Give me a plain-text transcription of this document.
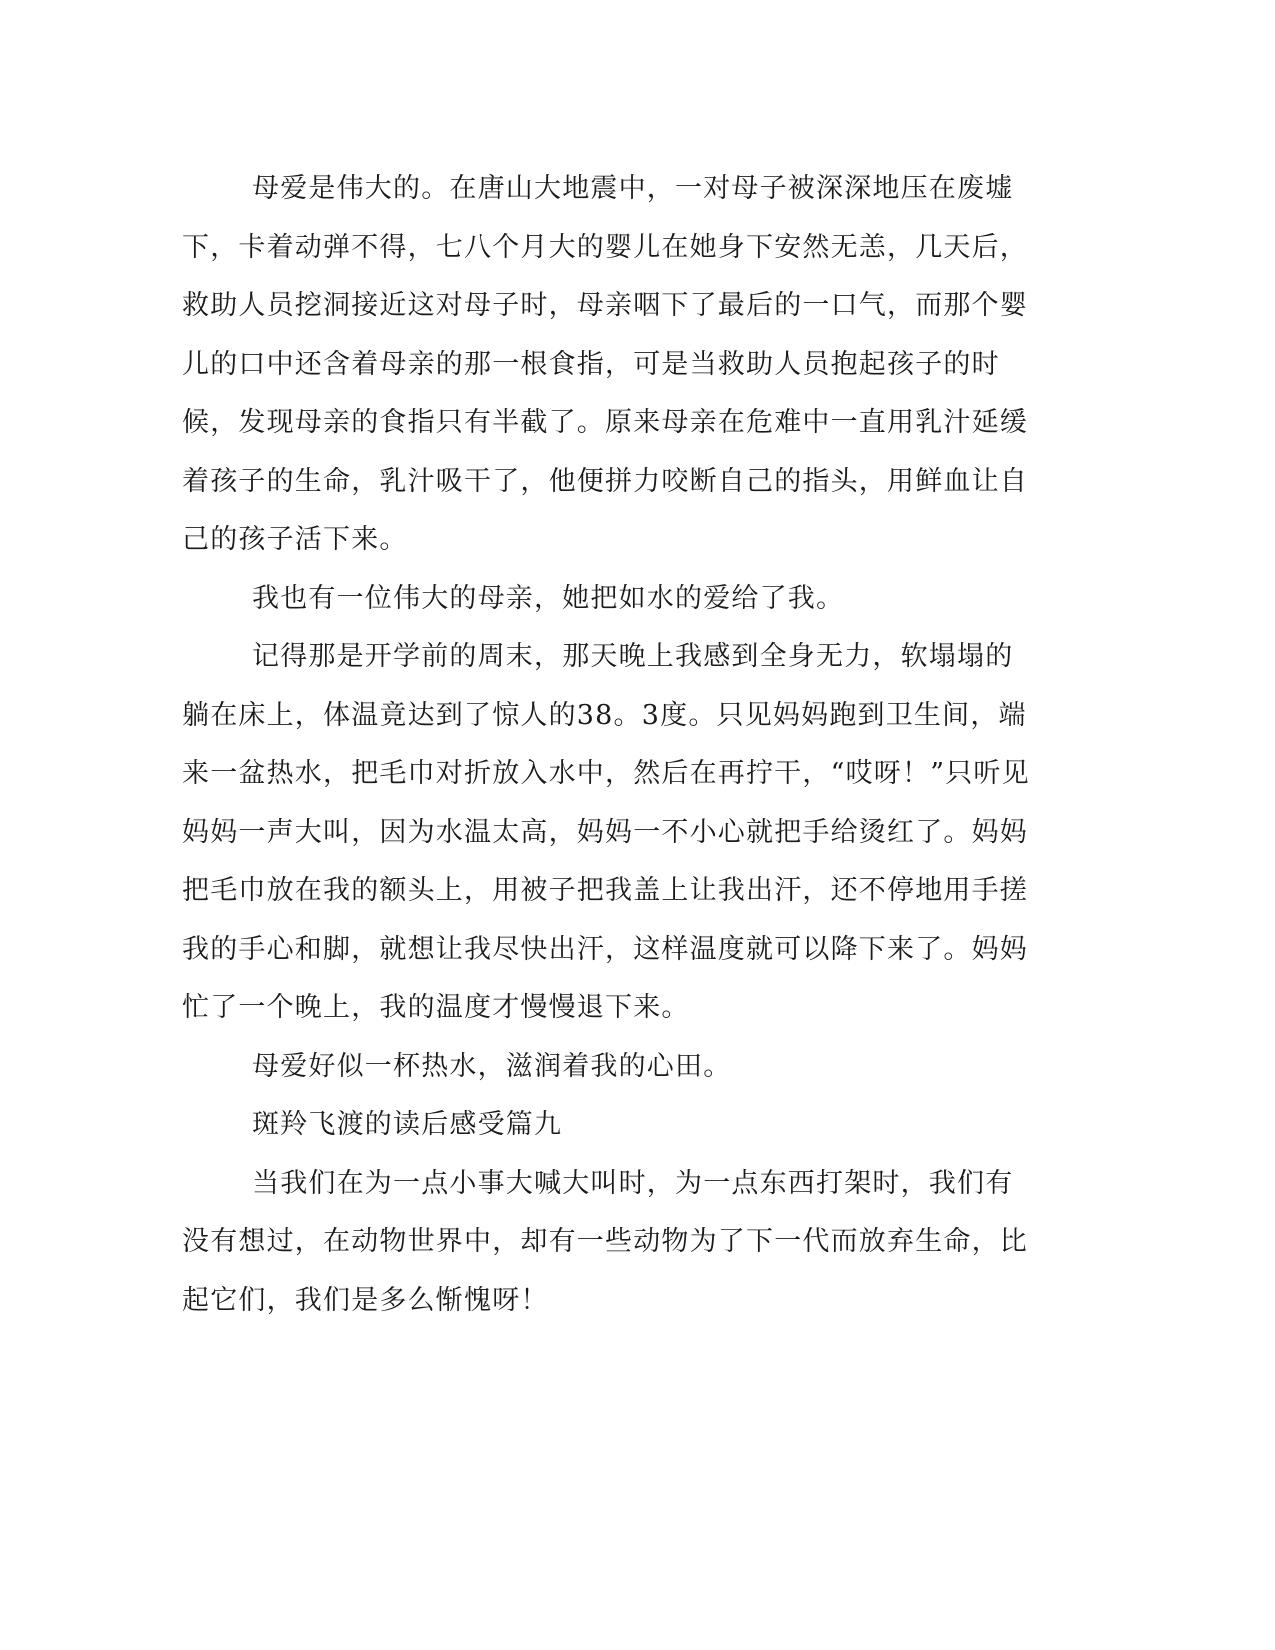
母爱是伟大的。在唐山大地震中，一对母子被深深地压在废墟下，卡着动弹不得，七八个月大的婴儿在她身下安然无恙，几天后，救助人员挖洞接近这对母子时，母亲咽下了最后的一口气，而那个婴儿的口中还含着母亲的那一根食指，可是当救助人员抱起孩子的时候，发现母亲的食指只有半截了。原来母亲在危难中一直用乳汁延缓着孩子的生命，乳汁吸干了，他便拼力咬断自己的指头，用鲜血让自己的孩子活下来。

我也有一位伟大的母亲，她把如水的爱给了我。

记得那是开学前的周末，那天晚上我感到全身无力，软塌塌的躺在床上，体温竟达到了惊人的38。3度。只见妈妈跑到卫生间，端来一盆热水，把毛巾对折放入水中，然后在再拧干，“哎呀！”只听见妈妈一声大叫，因为水温太高，妈妈一不小心就把手给烫红了。妈妈把毛巾放在我的额头上，用被子把我盖上让我出汗，还不停地用手搓我的手心和脚，就想让我尽快出汗，这样温度就可以降下来了。妈妈忙了一个晚上，我的温度才慢慢退下来。

母爱好似一杯热水，滋润着我的心田。

斑羚飞渡的读后感受篇九

当我们在为一点小事大喊大叫时，为一点东西打架时，我们有没有想过，在动物世界中，却有一些动物为了下一代而放弃生命，比起它们，我们是多么惭愧呀！
